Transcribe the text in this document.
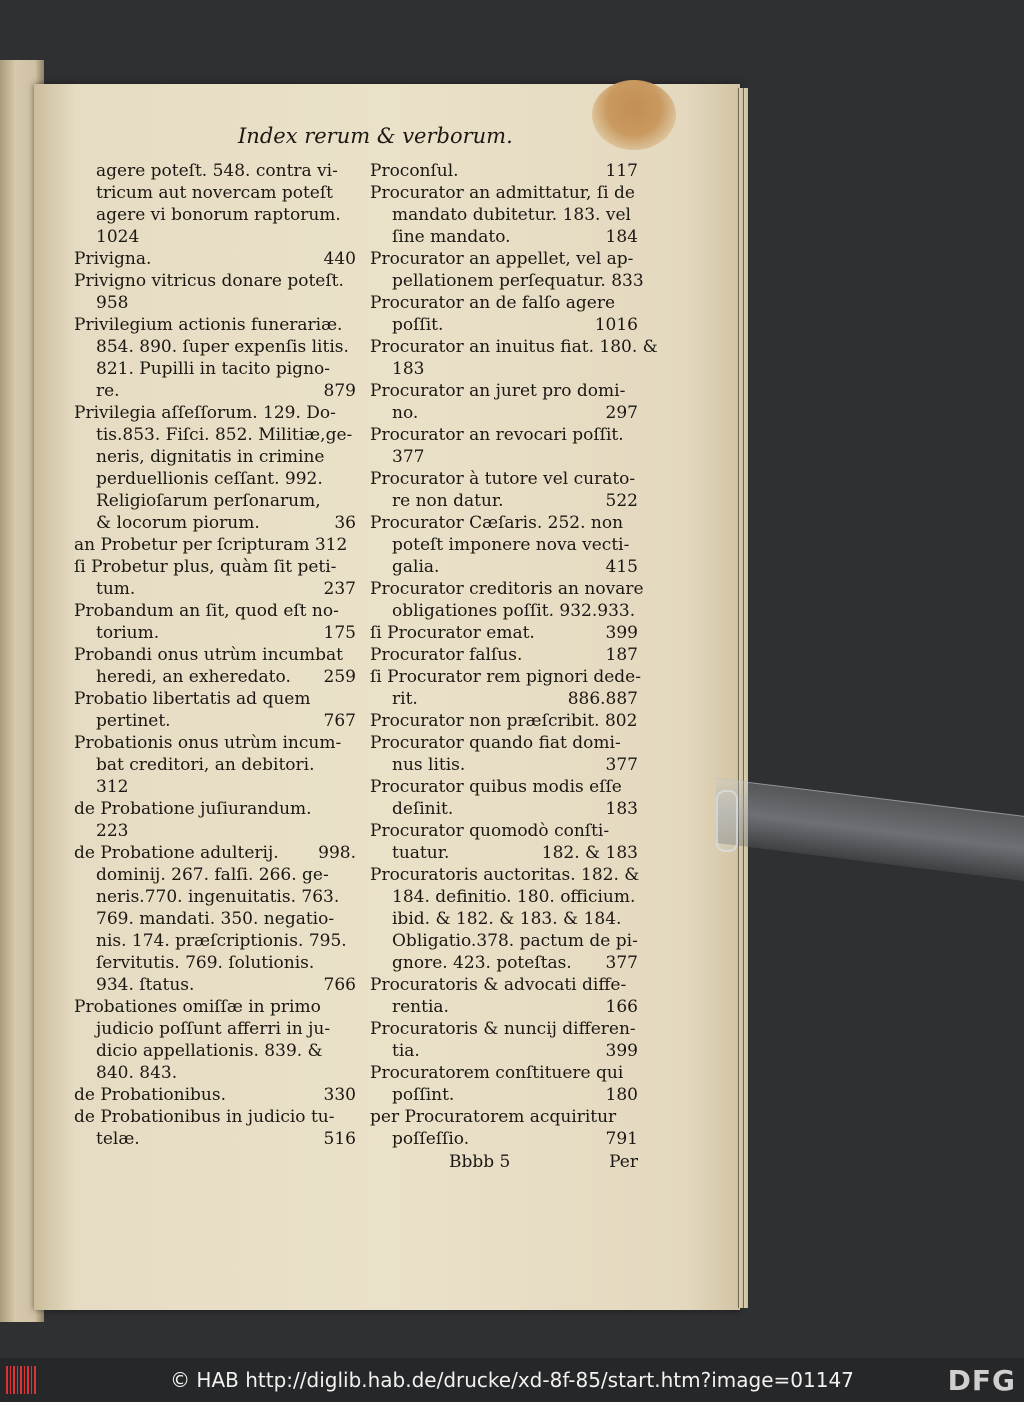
Index rerum & verborum.
agere poteſt. 548. contra vi-
tricum aut novercam poteſt
agere vi bonorum raptorum.
1024
Privigna.	440
Privigno vitricus donare poteſt.
958
Privilegium actionis funerariæ.
854. 890. ſuper expenſis litis.
821. Pupilli in tacito pigno-
re.	879
Privilegia aſſeſſorum. 129. Do-
tis.853. Fiſci. 852. Militiæ,ge-
neris, dignitatis in crimine
perduellionis ceſſant. 992.
Religioſarum perſonarum,
& locorum piorum.	36
an Probetur per ſcripturam 312
ſi Probetur plus, quàm ſit peti-
tum.	237
Probandum an ſit, quod eſt no-
torium.	175
Probandi onus utrùm incumbat
heredi, an exheredato. 259
Probatio libertatis ad quem
pertinet.	767
Probationis onus utrùm incum-
bat creditori, an debitori.
312
de Probatione juſiurandum.
223
de Probatione adulterij. 998.
dominij. 267. falſi. 266. ge-
neris.770. ingenuitatis. 763.
769. mandati. 350. negatio-
nis. 174. præſcriptionis. 795.
ſervitutis. 769. ſolutionis.
934. ſtatus.	766
Probationes omiſſæ in primo
judicio poſſunt afferri in ju-
dicio appellationis. 839. &
840. 843.
de Probationibus.	330
de Probationibus in judicio tu-
telæ.	516
Proconſul.	117
Procurator an admittatur, ſi de
mandato dubitetur. 183. vel
ſine mandato.	184
Procurator an appellet, vel ap-
pellationem perſequatur. 833
Procurator an de falſo agere
poſſit.	1016
Procurator an inuitus fiat. 180. &
183
Procurator an juret pro domi-
no.	297
Procurator an revocari poſſit.
377
Procurator à tutore vel curato-
re non datur.	522
Procurator Cæſaris. 252. non
poteſt imponere nova vecti-
galia.	415
Procurator creditoris an novare
obligationes poſſit. 932.933.
ſi Procurator emat.	399
Procurator falſus.	187
ſi Procurator rem pignori dede-
rit.	886.887
Procurator non præſcribit. 802
Procurator quando fiat domi-
nus litis.	377
Procurator quibus modis eſſe
deſinit.	183
Procurator quomodò conſti-
tuatur.	182. & 183
Procuratoris auctoritas. 182. &
184. definitio. 180. officium.
ibid. & 182. & 183. & 184.
Obligatio.378. pactum de pi-
gnore. 423. poteſtas. 377
Procuratoris & advocati diffe-
rentia.	166
Procuratoris & nuncij differen-
tia.	399
Procuratorem conſtituere qui
poſſint.	180
per Procuratorem acquiritur
poſſeſſio.	791
Bbbb 5	Per
© HAB http://diglib.hab.de/drucke/xd-8f-85/start.htm?image=01147	DFG
